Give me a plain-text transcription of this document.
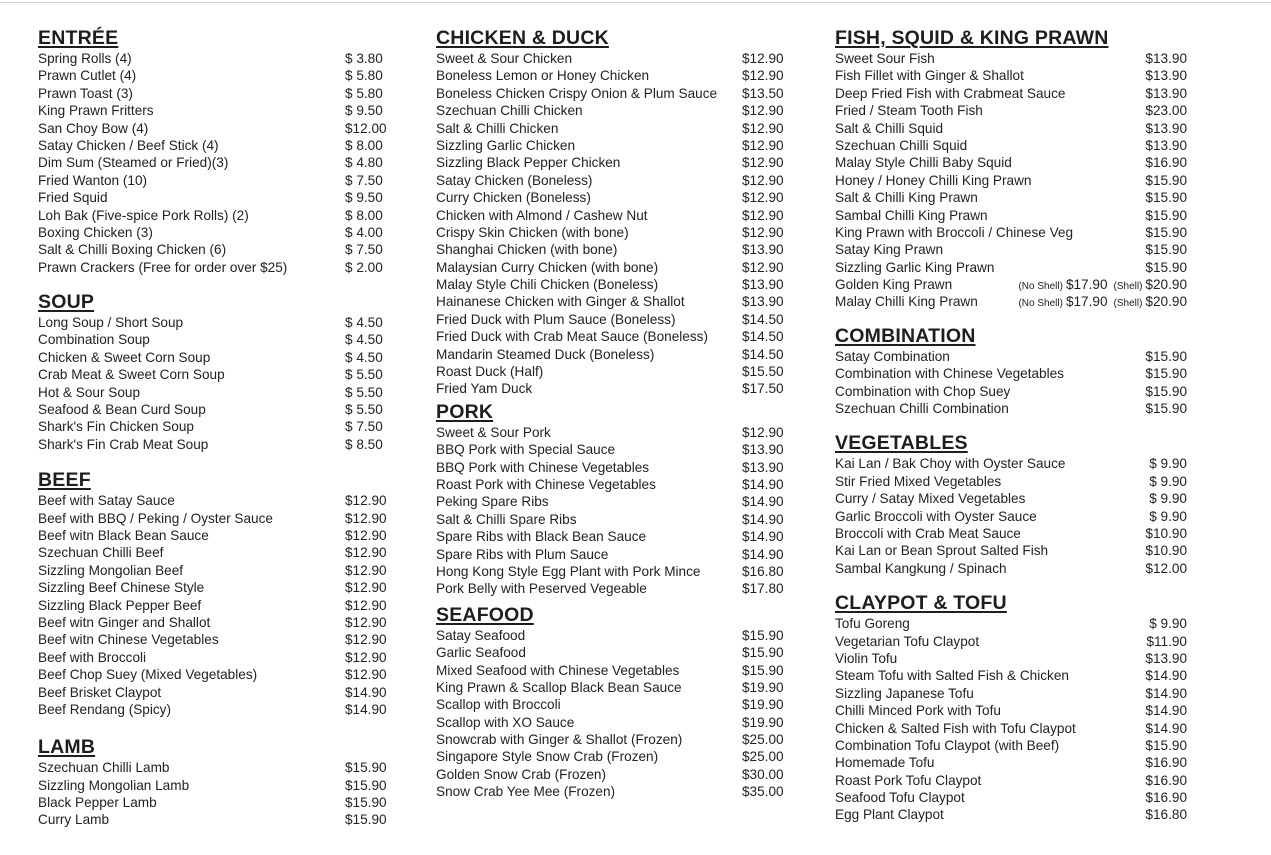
ENTRÉE
Spring Rolls (4)	$ 3.80
Prawn Cutlet (4)	$ 5.80
Prawn Toast (3)	$ 5.80
King Prawn Fritters	$ 9.50
San Choy Bow (4)	$12.00
Satay Chicken / Beef Stick (4)	$ 8.00
Dim Sum (Steamed or Fried)(3)	$ 4.80
Fried Wanton (10)	$ 7.50
Fried Squid	$ 9.50
Loh Bak (Five-spice Pork Rolls) (2)	$ 8.00
Boxing Chicken (3)	$ 4.00
Salt & Chilli Boxing Chicken (6)	$ 7.50
Prawn Crackers (Free for order over $25)	$ 2.00
SOUP
Long Soup / Short Soup	$ 4.50
Combination Soup	$ 4.50
Chicken & Sweet Corn Soup	$ 4.50
Crab Meat & Sweet Corn Soup	$ 5.50
Hot & Sour Soup	$ 5.50
Seafood & Bean Curd Soup	$ 5.50
Shark's Fin Chicken Soup	$ 7.50
Shark's Fin Crab Meat Soup	$ 8.50
BEEF
Beef with Satay Sauce	$12.90
Beef with BBQ / Peking / Oyster Sauce	$12.90
Beef witn Black Bean Sauce	$12.90
Szechuan Chilli Beef	$12.90
Sizzling Mongolian Beef	$12.90
Sizzling Beef Chinese Style	$12.90
Sizzling Black Pepper Beef	$12.90
Beef witn Ginger and Shallot	$12.90
Beef witn Chinese Vegetables	$12.90
Beef with Broccoli	$12.90
Beef Chop Suey (Mixed Vegetables)	$12.90
Beef Brisket Claypot	$14.90
Beef Rendang (Spicy)	$14.90
LAMB
Szechuan Chilli Lamb	$15.90
Sizzling Mongolian Lamb	$15.90
Black Pepper Lamb	$15.90
Curry Lamb	$15.90
CHICKEN & DUCK
Sweet & Sour Chicken	$12.90
Boneless Lemon or Honey Chicken	$12.90
Boneless Chicken Crispy Onion & Plum Sauce $13.50
Szechuan Chilli Chicken	$12.90
Salt & Chilli Chicken	$12.90
Sizzling Garlic Chicken	$12.90
Sizzling Black Pepper Chicken	$12.90
Satay Chicken (Boneless)	$12.90
Curry Chicken (Boneless)	$12.90
Chicken with Almond / Cashew Nut	$12.90
Crispy Skin Chicken (with bone)	$12.90
Shanghai Chicken (with bone)	$13.90
Malaysian Curry Chicken (with bone)	$12.90
Malay Style Chili Chicken (Boneless)	$13.90
Hainanese Chicken with Ginger & Shallot	$13.90
Fried Duck with Plum Sauce (Boneless)	$14.50
Fried Duck with Crab Meat Sauce (Boneless)	$14.50
Mandarin Steamed Duck (Boneless)	$14.50
Roast Duck (Half)	$15.50
Fried Yam Duck	$17.50
PORK
Sweet & Sour Pork	$12.90
BBQ Pork with Special Sauce	$13.90
BBQ Pork with Chinese Vegetables	$13.90
Roast Pork with Chinese Vegetables	$14.90
Peking Spare Ribs	$14.90
Salt & Chilli Spare Ribs	$14.90
Spare Ribs with Black Bean Sauce	$14.90
Spare Ribs with Plum Sauce	$14.90
Hong Kong Style Egg Plant with Pork Mince	$16.80
Pork Belly with Peserved Vegeable	$17.80
SEAFOOD
Satay Seafood	$15.90
Garlic Seafood	$15.90
Mixed Seafood with Chinese Vegetables	$15.90
King Prawn & Scallop Black Bean Sauce	$19.90
Scallop with Broccoli	$19.90
Scallop with XO Sauce	$19.90
Snowcrab with Ginger & Shallot (Frozen)	$25.00
Singapore Style Snow Crab (Frozen)	$25.00
Golden Snow Crab (Frozen)	$30.00
Snow Crab Yee Mee (Frozen)	$35.00
FISH, SQUID & KING PRAWN
Sweet Sour Fish	$13.90
Fish Fillet with Ginger & Shallot	$13.90
Deep Fried Fish with Crabmeat Sauce	$13.90
Fried / Steam Tooth Fish	$23.00
Salt & Chilli Squid	$13.90
Szechuan Chilli Squid	$13.90
Malay Style Chilli Baby Squid	$16.90
Honey / Honey Chilli King Prawn	$15.90
Salt & Chilli King Prawn	$15.90
Sambal Chilli King Prawn	$15.90
King Prawn with Broccoli / Chinese Veg	$15.90
Satay King Prawn	$15.90
Sizzling Garlic King Prawn	$15.90
Golden King Prawn	(No Shell) $17.90 (Shell) $20.90
Malay Chilli King Prawn	(No Shell) $17.90 (Shell) $20.90
COMBINATION
Satay Combination	$15.90
Combination with Chinese Vegetables	$15.90
Combination with Chop Suey	$15.90
Szechuan Chilli Combination	$15.90
VEGETABLES
Kai Lan / Bak Choy with Oyster Sauce	$ 9.90
Stir Fried Mixed Vegetables	$ 9.90
Curry / Satay Mixed Vegetables	$ 9.90
Garlic Broccoli with Oyster Sauce	$ 9.90
Broccoli with Crab Meat Sauce	$10.90
Kai Lan or Bean Sprout Salted Fish	$10.90
Sambal Kangkung / Spinach	$12.00
CLAYPOT & TOFU
Tofu Goreng	$ 9.90
Vegetarian Tofu Claypot	$11.90
Violin Tofu	$13.90
Steam Tofu with Salted Fish & Chicken	$14.90
Sizzling Japanese Tofu	$14.90
Chilli Minced Pork with Tofu	$14.90
Chicken & Salted Fish with Tofu Claypot	$14.90
Combination Tofu Claypot (with Beef)	$15.90
Homemade Tofu	$16.90
Roast Pork Tofu Claypot	$16.90
Seafood Tofu Claypot	$16.90
Egg Plant Claypot	$16.80
